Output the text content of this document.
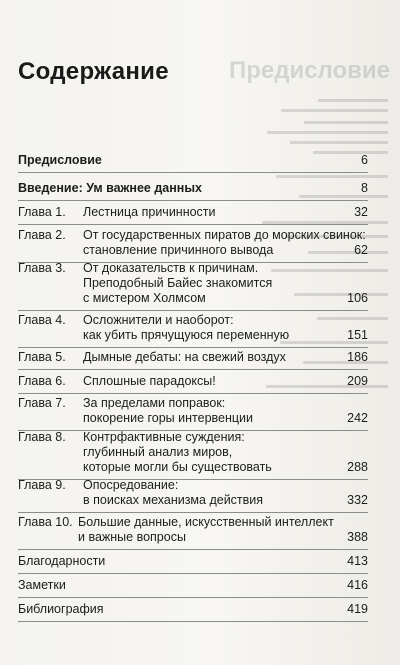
Предисловие
Содержание
Предисловие	6
Введение: Ум важнее данных	8
Глава 1. Лестница причинности	32
Глава 2. От государственных пиратов до морских свинок:
становление причинного вывода	62
Глава 3. От доказательств к причинам.
Преподобный Байес знакомится
с мистером Холмсом	106
Глава 4. Осложнители и наоборот:
как убить прячущуюся переменную	151
Глава 5. Дымные дебаты: на свежий воздух	186
Глава 6. Сплошные парадоксы!	209
Глава 7. За пределами поправок:
покорение горы интервенции	242
Глава 8. Контрфактивные суждения:
глубинный анализ миров,
которые могли бы существовать	288
Глава 9. Опосредование:
в поисках механизма действия	332
Глава 10. Большие данные, искусственный интеллект
и важные вопросы	388
Благодарности	413
Заметки	416
Библиография	419
